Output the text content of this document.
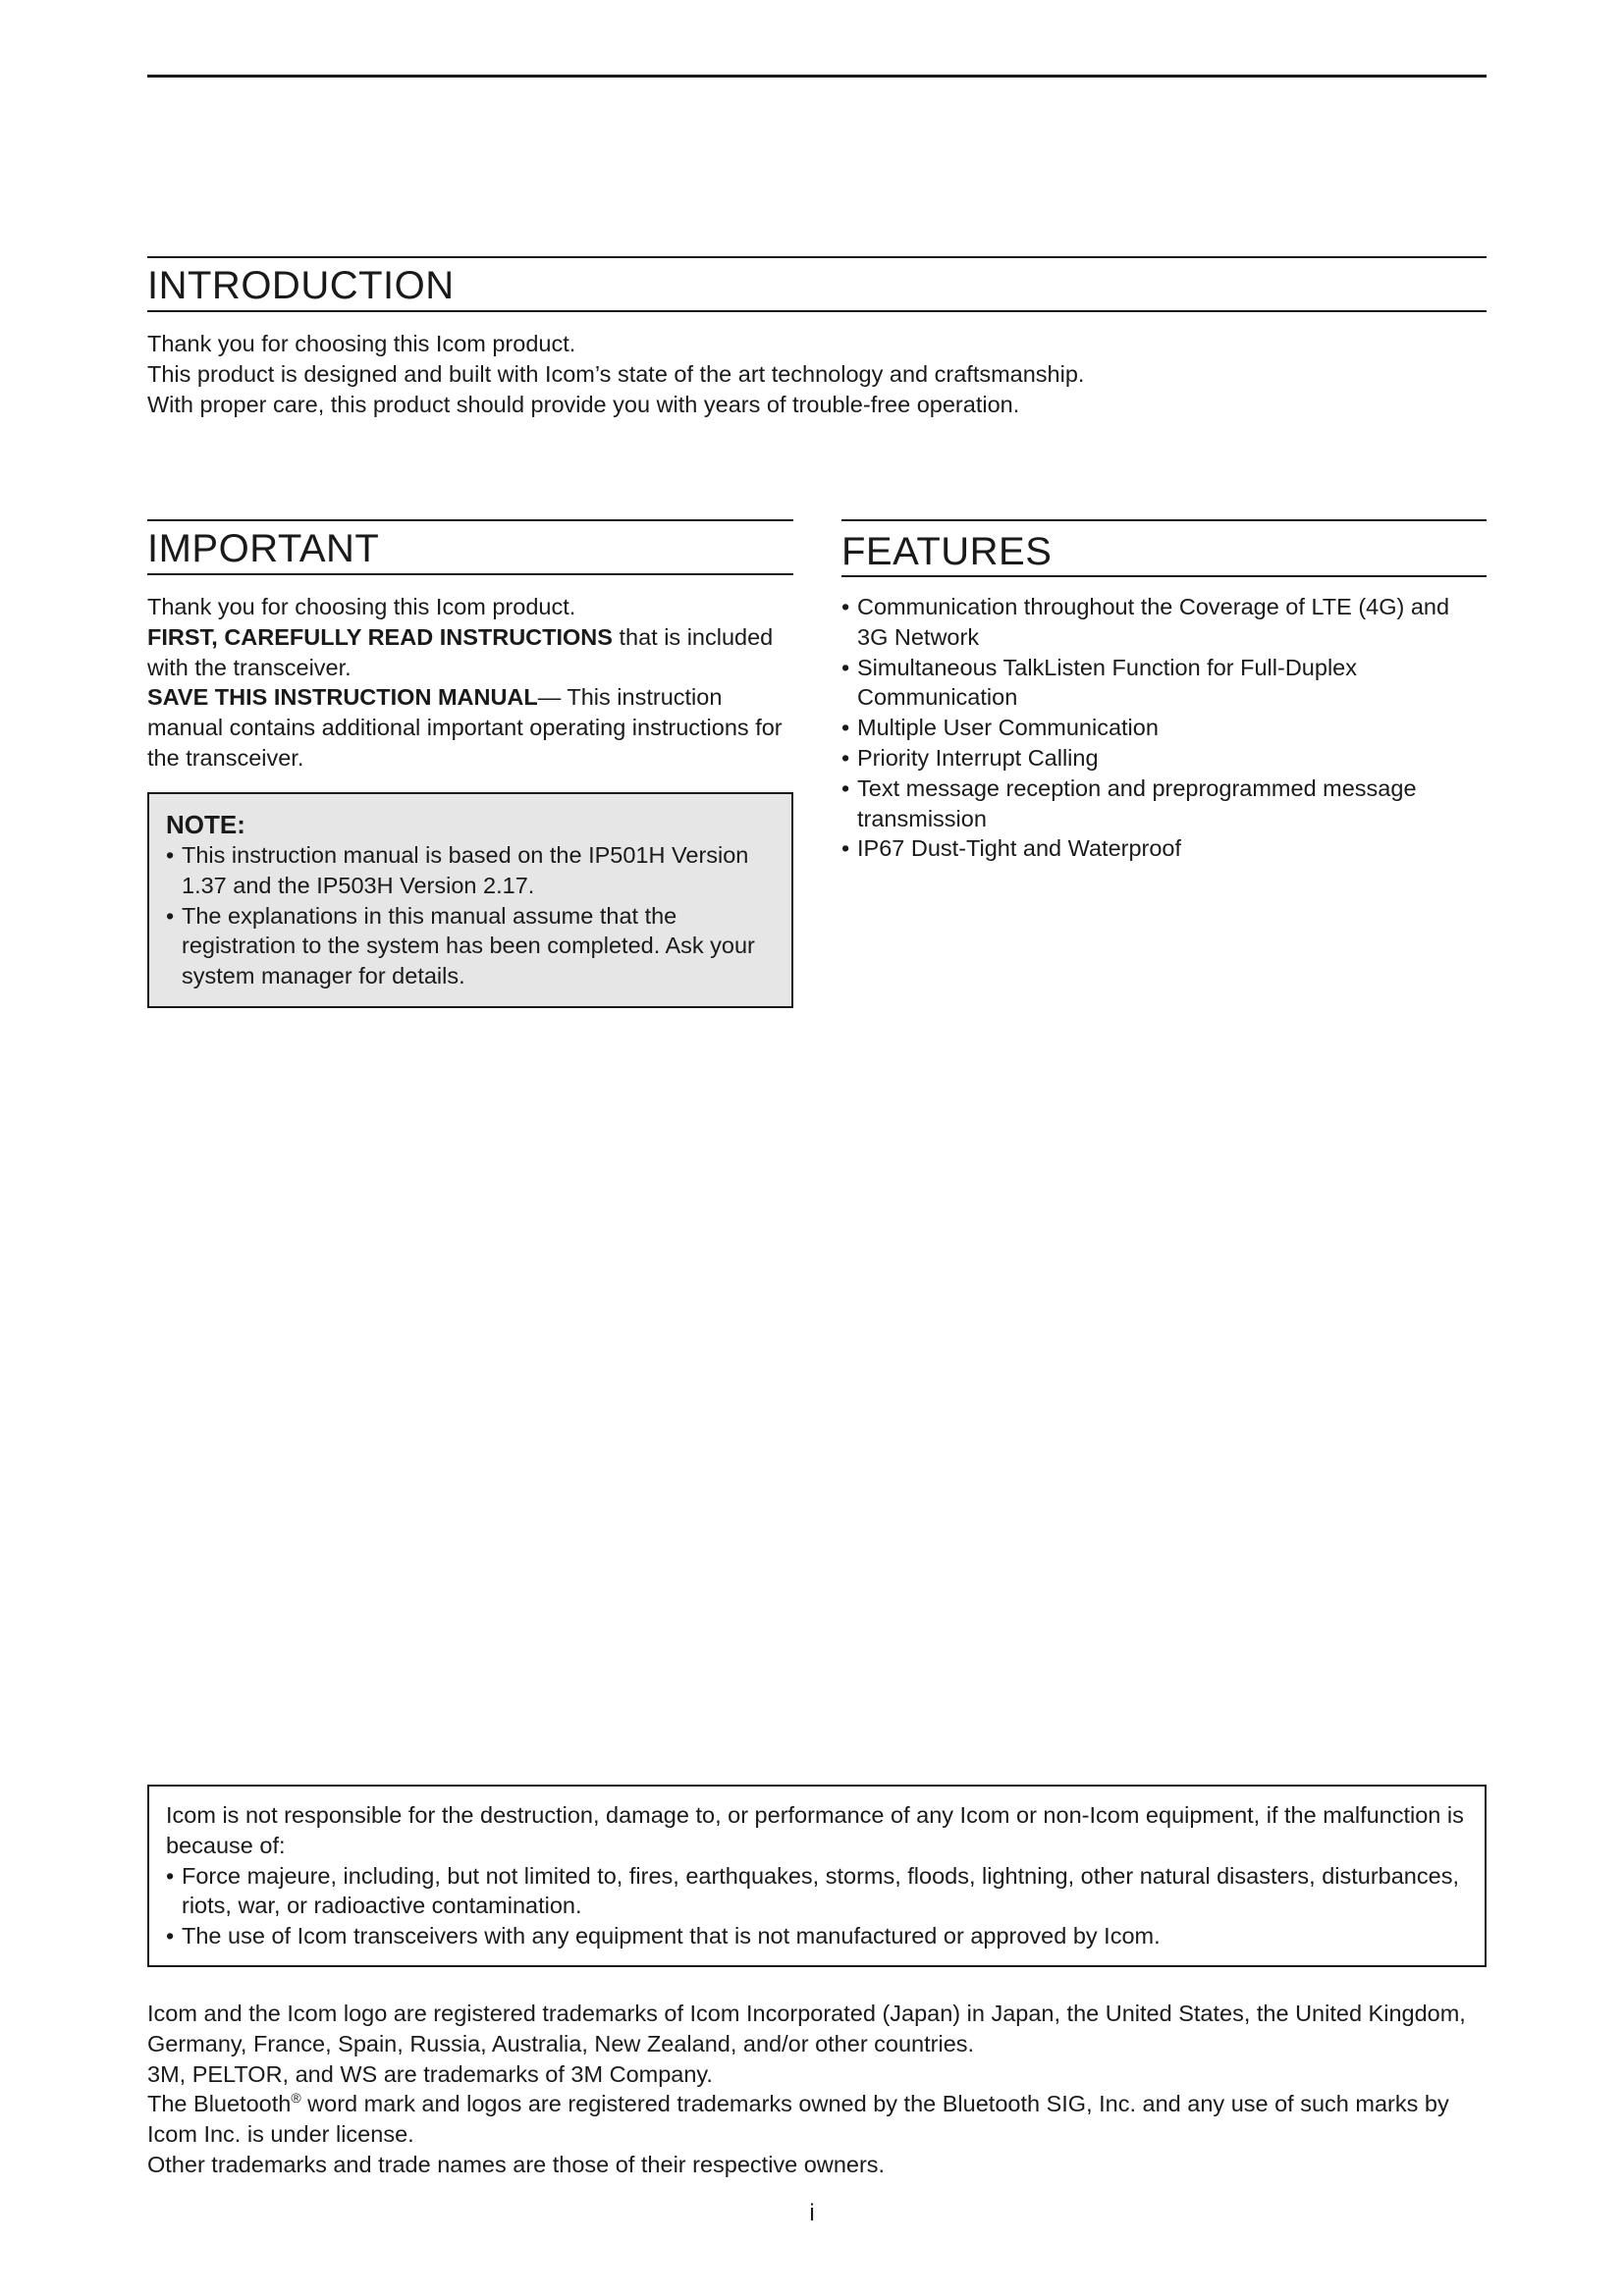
INTRODUCTION

Thank you for choosing this Icom product.

This product is designed and built with Icom’s state of the art technology and craftsmanship.

With proper care, this product should provide you with years of trouble-free operation.

IMPORTANT

Thank you for choosing this Icom product.

FIRST, CAREFULLY READ INSTRUCTIONS that is included with the transceiver.

SAVE THIS INSTRUCTION MANUAL— This instruction manual contains additional important operating instructions for the transceiver.

NOTE:
• This instruction manual is based on the IP501H Version 1.37 and the IP503H Version 2.17.
• The explanations in this manual assume that the registration to the system has been completed. Ask your system manager for details.
FEATURES
• Communication throughout the Coverage of LTE (4G) and 3G Network
• Simultaneous TalkListen Function for Full-Duplex Communication
• Multiple User Communication
• Priority Interrupt Calling
• Text message reception and preprogrammed message transmission
• IP67 Dust-Tight and Waterproof

Icom is not responsible for the destruction, damage to, or performance of any Icom or non-Icom equipment, if the malfunction is because of:

• Force majeure, including, but not limited to, fires, earthquakes, storms, floods, lightning, other natural disasters, disturbances, riots, war, or radioactive contamination.
• The use of Icom transceivers with any equipment that is not manufactured or approved by Icom.

Icom and the Icom logo are registered trademarks of Icom Incorporated (Japan) in Japan, the United States, the United Kingdom, Germany, France, Spain, Russia, Australia, New Zealand, and/or other countries.

3M, PELTOR, and WS are trademarks of 3M Company.

The Bluetooth® word mark and logos are registered trademarks owned by the Bluetooth SIG, Inc. and any use of such marks by Icom Inc. is under license.

Other trademarks and trade names are those of their respective owners.

i
